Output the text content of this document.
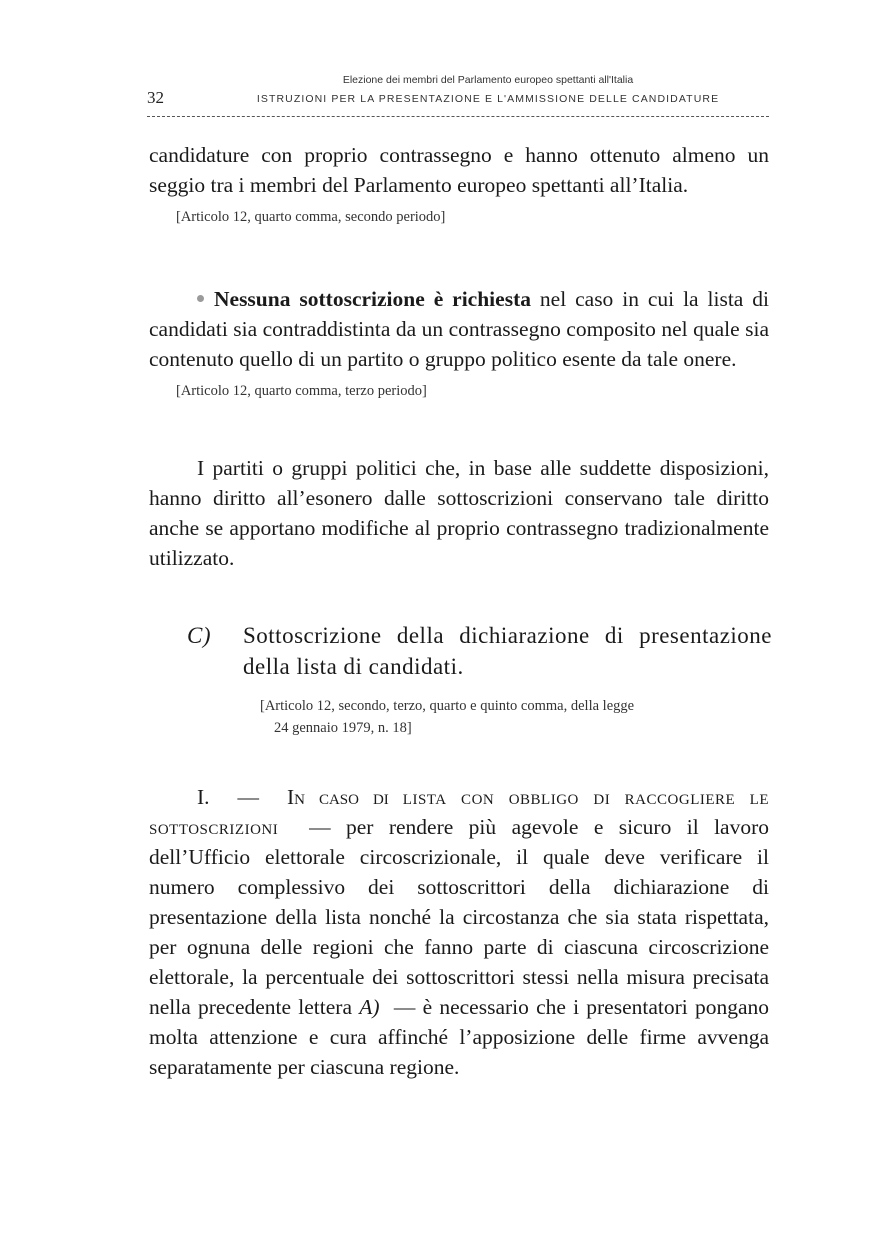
32
Elezione dei membri del Parlamento europeo spettanti all'Italia
ISTRUZIONI PER LA PRESENTAZIONE E L'AMMISSIONE DELLE CANDIDATURE

candidature con proprio contrassegno e hanno ottenuto almeno un seggio tra i membri del Parlamento europeo spettanti all’Italia.

[Articolo 12, quarto comma, secondo periodo]

Nessuna sottoscrizione è richiesta nel caso in cui la lista di candidati sia contraddistinta da un contrassegno composito nel quale sia contenuto quello di un partito o gruppo politico esente da tale onere.

[Articolo 12, quarto comma, terzo periodo]

I partiti o gruppi politici che, in base alle suddette disposizioni, hanno diritto all’esonero dalle sottoscrizioni conservano tale diritto anche se apportano modifiche al proprio contrassegno tradizionalmente utilizzato.

C) Sottoscrizione della dichiarazione di presentazione della lista di candidati.
[Articolo 12, secondo, terzo, quarto e quinto comma, della legge
24 gennaio 1979, n. 18]

I. — In caso di lista con obbligo di raccogliere le sottoscrizioni — per rendere più agevole e sicuro il lavoro dell’Ufficio elettorale circoscrizionale, il quale deve verificare il numero complessivo dei sottoscrittori della dichiarazione di presentazione della lista nonché la circostanza che sia stata rispettata, per ognuna delle regioni che fanno parte di ciascuna circoscrizione elettorale, la percentuale dei sottoscrittori stessi nella misura precisata nella precedente lettera A) — è necessario che i presentatori pongano molta attenzione e cura affinché l’apposizione delle firme avvenga separatamente per ciascuna regione.
